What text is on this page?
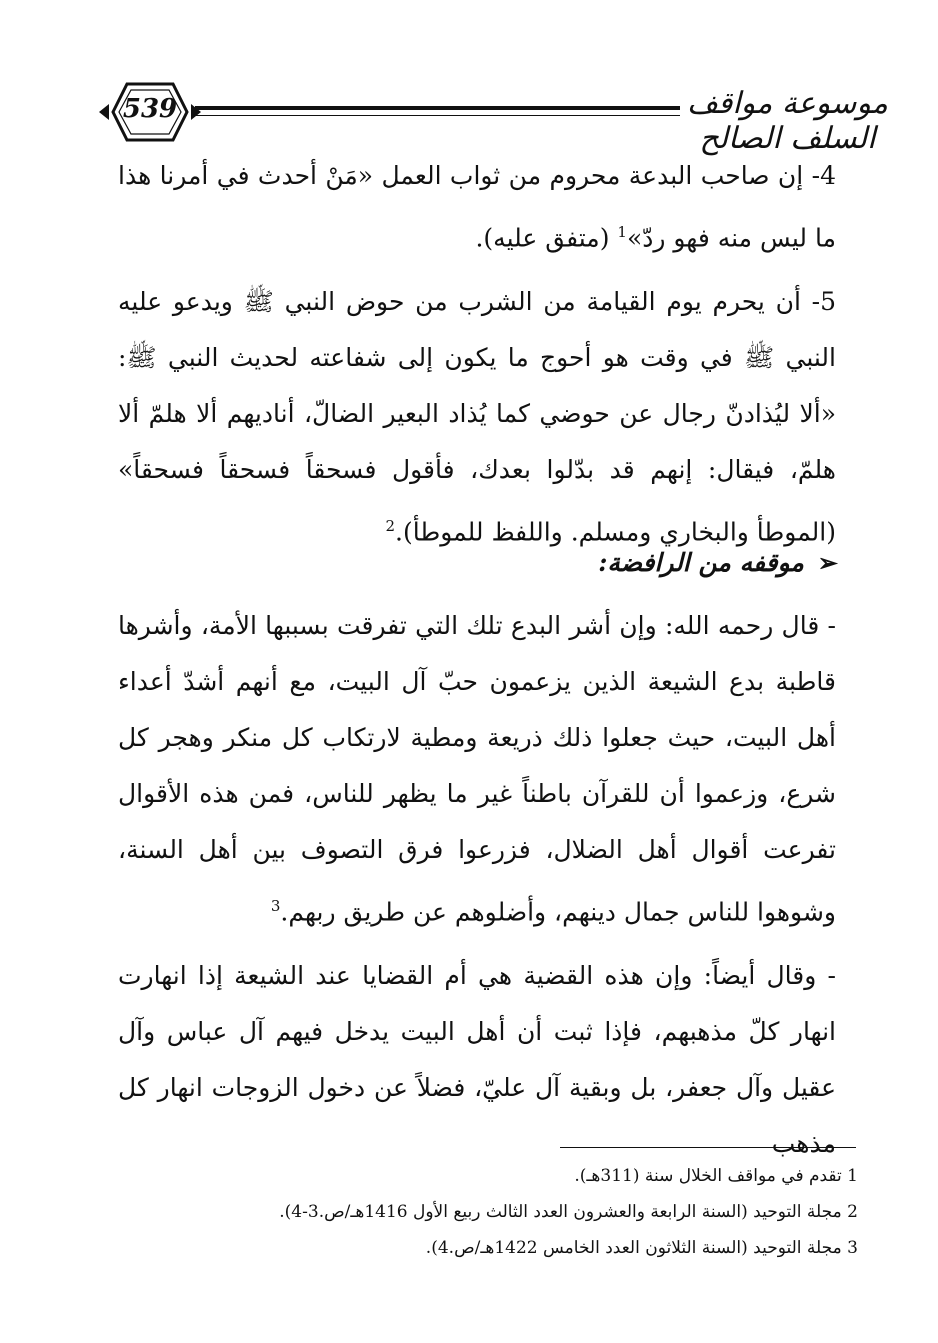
539	موسوعة مواقف السلف الصالح

4- إن صاحب البدعة محروم من ثواب العمل «مَنْ أحدث في أمرنا هذا ما ليس منه فهو ردّ»$^1$ (متفق عليه).

5- أن يحرم يوم القيامة من الشرب من حوض النبي ﷺ ويدعو عليه النبي ﷺ في وقت هو أحوج ما يكون إلى شفاعته لحديث النبي ﷺ: «ألا ليُذادنّ رجال عن حوضي كما يُذاد البعير الضالّ، أناديهم ألا هلمّ ألا هلمّ، فيقال: إنهم قد بدّلوا بعدك، فأقول فسحقاً فسحقاً فسحقاً» (الموطأ والبخاري ومسلم. واللفظ للموطأ).$^2$

➢
موقفه من الرافضة:

- قال رحمه الله: وإن أشر البدع تلك التي تفرقت بسببها الأمة، وأشرها قاطبة بدع الشيعة الذين يزعمون حبّ آل البيت، مع أنهم أشدّ أعداء أهل البيت، حيث جعلوا ذلك ذريعة ومطية لارتكاب كل منكر وهجر كل شرع، وزعموا أن للقرآن باطناً غير ما يظهر للناس، فمن هذه الأقوال تفرعت أقوال أهل الضلال، فزرعوا فرق التصوف بين أهل السنة، وشوهوا للناس جمال دينهم، وأضلوهم عن طريق ربهم.$^3$

- وقال أيضاً: وإن هذه القضية هي أم القضايا عند الشيعة إذا انهارت انهار كلّ مذهبهم، فإذا ثبت أن أهل البيت يدخل فيهم آل عباس وآل عقيل وآل جعفر، بل وبقية آل عليّ، فضلاً عن دخول الزوجات انهار كل مذهب

1 تقدم في مواقف الخلال سنة (311هـ).
2 مجلة التوحيد (السنة الرابعة والعشرون العدد الثالث ربيع الأول 1416هـ/ص.3-4).
3 مجلة التوحيد (السنة الثلاثون العدد الخامس 1422هـ/ص.4).
